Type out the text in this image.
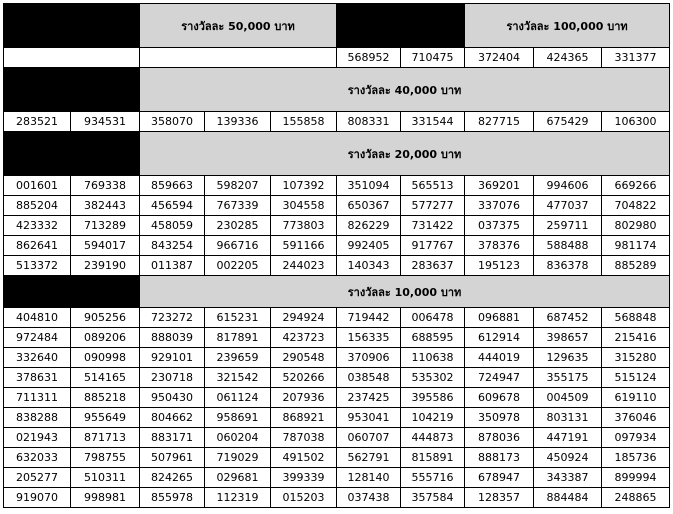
รางวัลข้างเคียง
รางวัลที่1		รางวัลละ 50,000 บาท			ตรวจสลากกินแบ่ง
รัฐบาล
รางวัลที่2		รางวัลละ 100,000 บาท		
					568952	710475	372404	424365	331377
ตรวจสลากกินแบ่ง
รัฐบาล
รางวัลที่3		รางวัลละ 40,000 บาท							
283521	934531	358070	139336	155858	808331	331544	827715	675429	106300
ตรวจสลากกินแบ่ง
รัฐบาล
รางวัลที่4		รางวัลละ 20,000 บาท							
001601	769338	859663	598207	107392	351094	565513	369201	994606	669266
885204	382443	456594	767339	304558	650367	577277	337076	477037	704822
423332	713289	458059	230285	773803	826229	731422	037375	259711	802980
862641	594017	843254	966716	591166	992405	917767	378376	588488	981174
513372	239190	011387	002205	244023	140343	283637	195123	836378	885289
สลากกินแบ่งรัฐบาล
รางวัลที่5		รางวัลละ 10,000 บาท							
404810	905256	723272	615231	294924	719442	006478	096881	687452	568848
972484	089206	888039	817891	423723	156335	688595	612914	398657	215416
332640	090998	929101	239659	290548	370906	110638	444019	129635	315280
378631	514165	230718	321542	520266	038548	535302	724947	355175	515124
711311	885218	950430	061124	207936	237425	395586	609678	004509	619110
838288	955649	804662	958691	868921	953041	104219	350978	803131	376046
021943	871713	883171	060204	787038	060707	444873	878036	447191	097934
632033	798755	507961	719029	491502	562791	815891	888173	450924	185736
205277	510311	824265	029681	399339	128140	555716	678947	343387	899994
919070	998981	855978	112319	015203	037438	357584	128357	884484	248865
